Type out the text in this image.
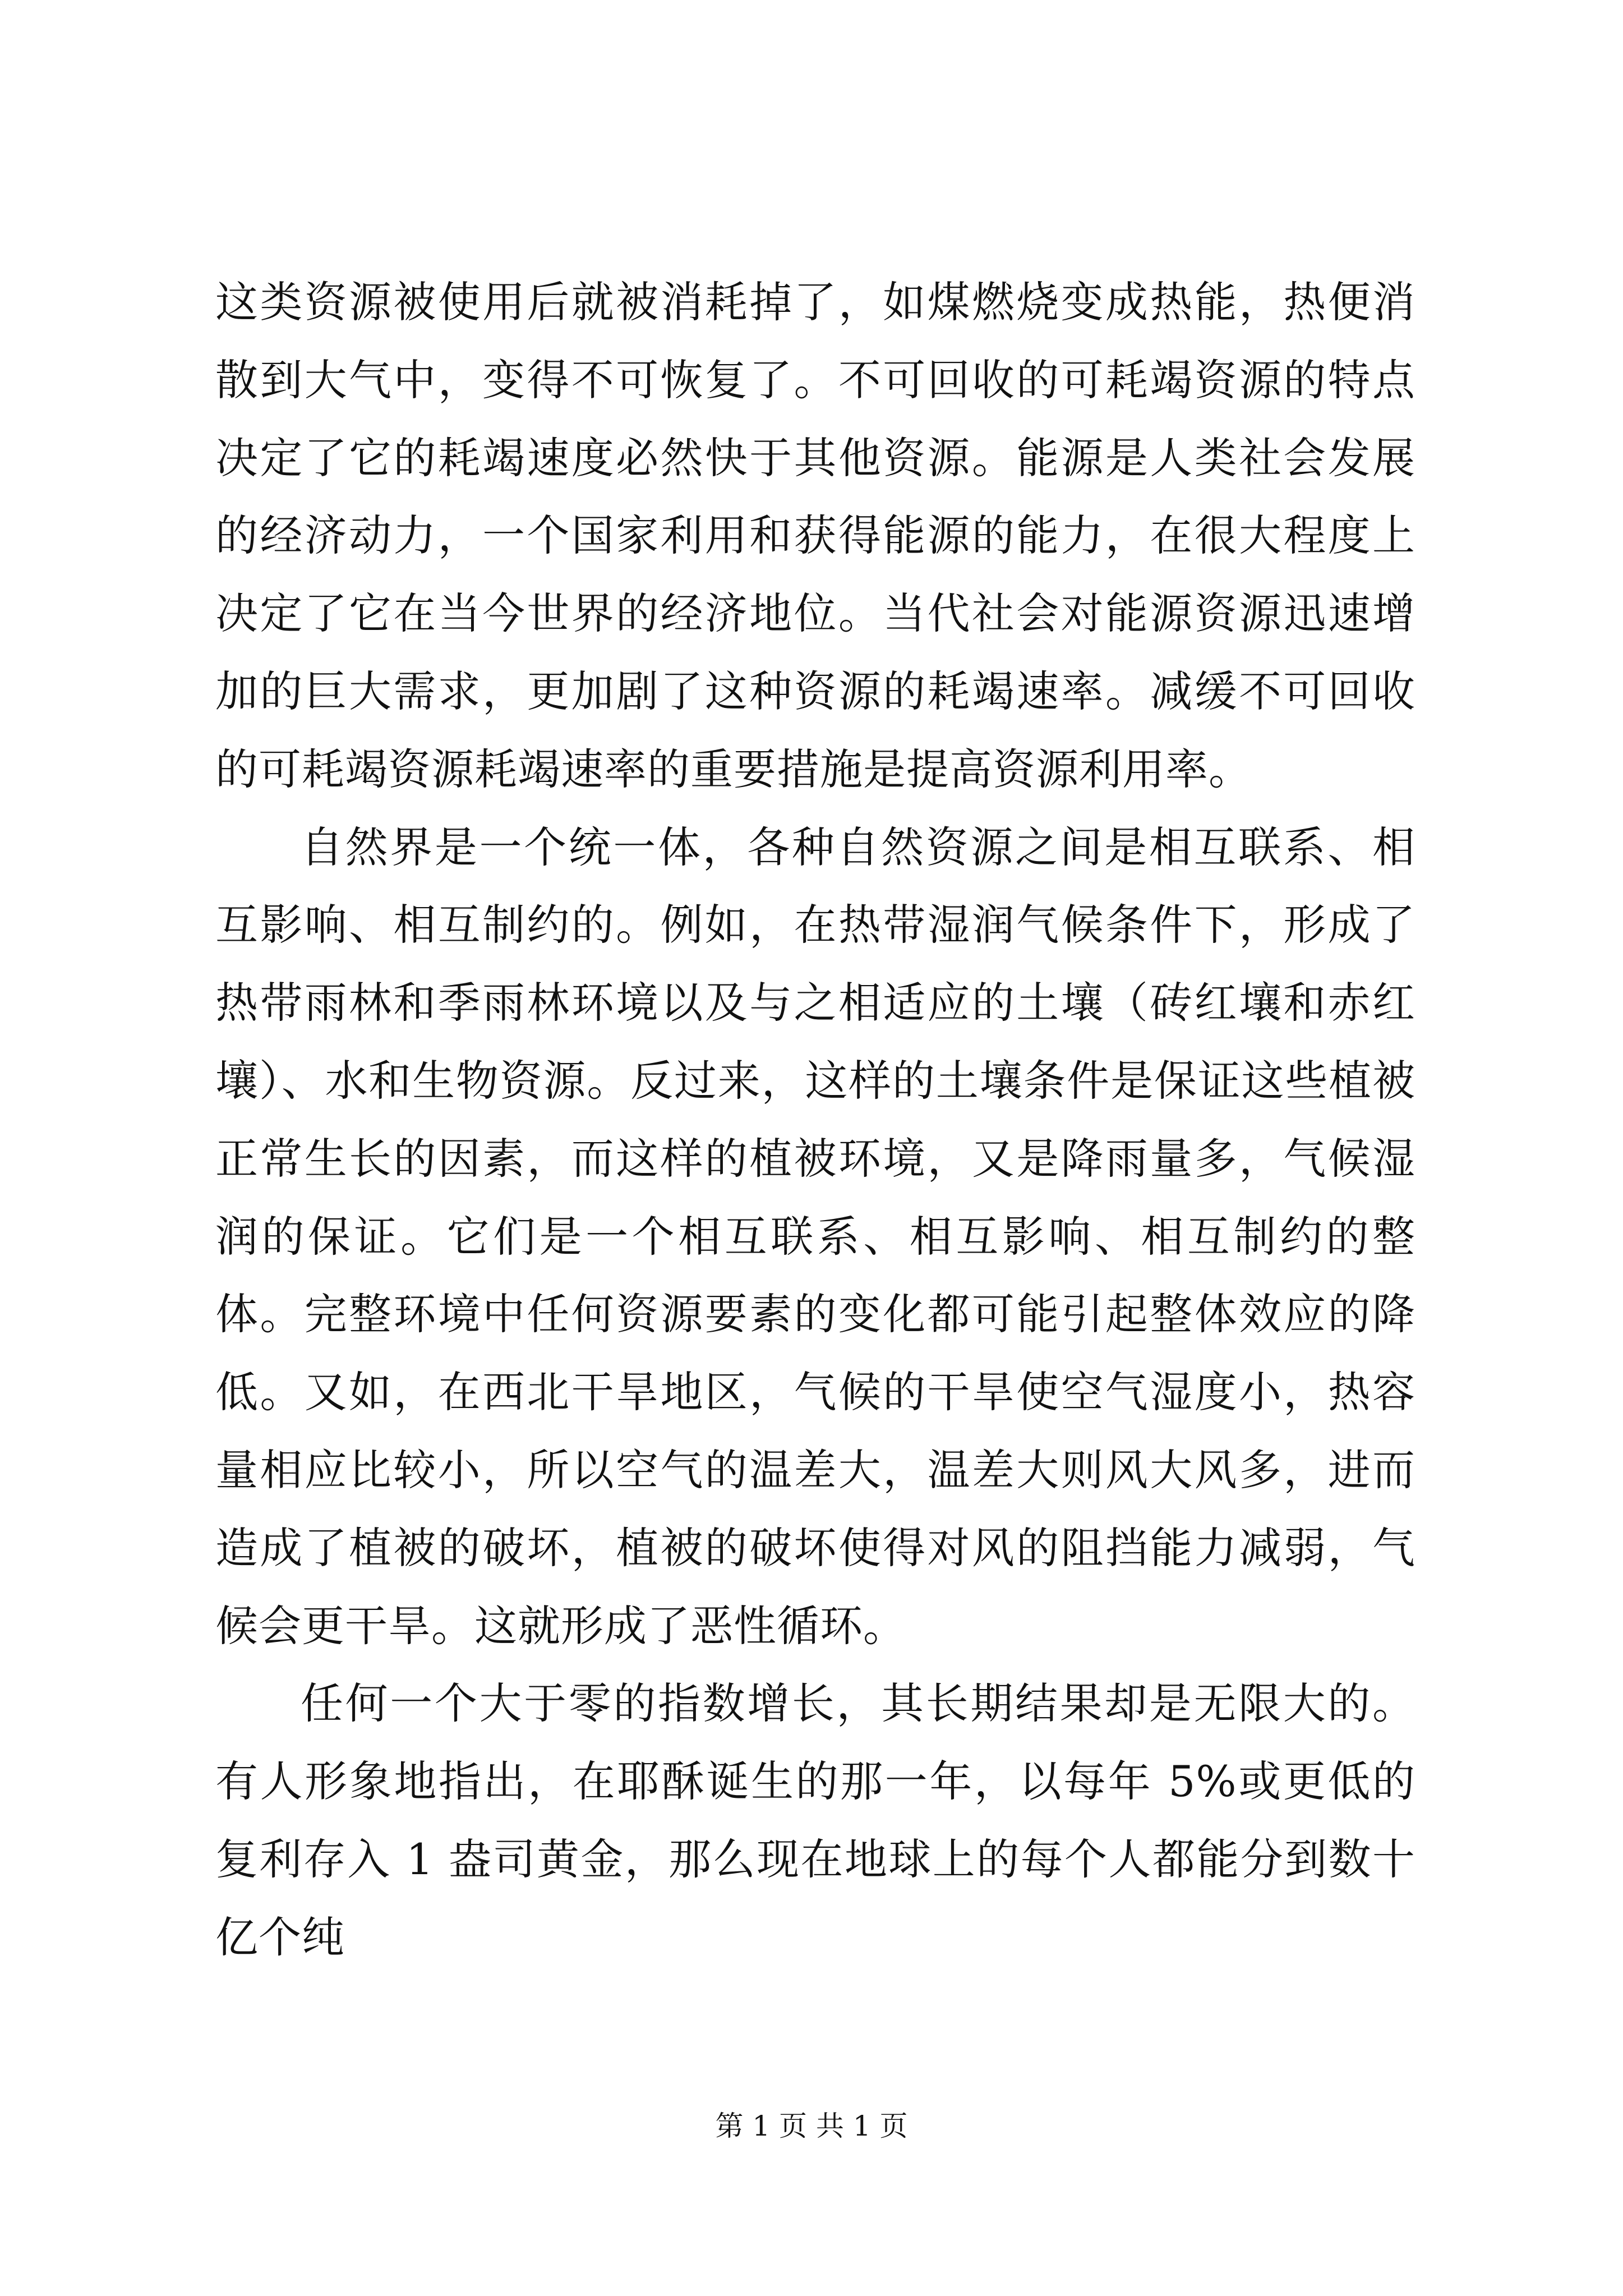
这类资源被使用后就被消耗掉了，如煤燃烧变成热能，热便消散到大气中，变得不可恢复了。不可回收的可耗竭资源的特点决定了它的耗竭速度必然快于其他资源。能源是人类社会发展的经济动力，一个国家利用和获得能源的能力，在很大程度上决定了它在当今世界的经济地位。当代社会对能源资源迅速增加的巨大需求，更加剧了这种资源的耗竭速率。减缓不可回收的可耗竭资源耗竭速率的重要措施是提高资源利用率。

自然界是一个统一体，各种自然资源之间是相互联系、相互影响、相互制约的。例如，在热带湿润气候条件下，形成了热带雨林和季雨林环境以及与之相适应的土壤（砖红壤和赤红壤）、水和生物资源。反过来，这样的土壤条件是保证这些植被正常生长的因素，而这样的植被环境，又是降雨量多，气候湿润的保证。它们是一个相互联系、相互影响、相互制约的整体。完整环境中任何资源要素的变化都可能引起整体效应的降低。又如，在西北干旱地区，气候的干旱使空气湿度小，热容量相应比较小，所以空气的温差大，温差大则风大风多，进而造成了植被的破坏，植被的破坏使得对风的阻挡能力减弱，气候会更干旱。这就形成了恶性循环。

任何一个大于零的指数增长，其长期结果却是无限大的。有人形象地指出，在耶酥诞生的那一年，以每年 5%或更低的复利存入 1 盎司黄金，那么现在地球上的每个人都能分到数十亿个纯

第 1 页 共 1 页
